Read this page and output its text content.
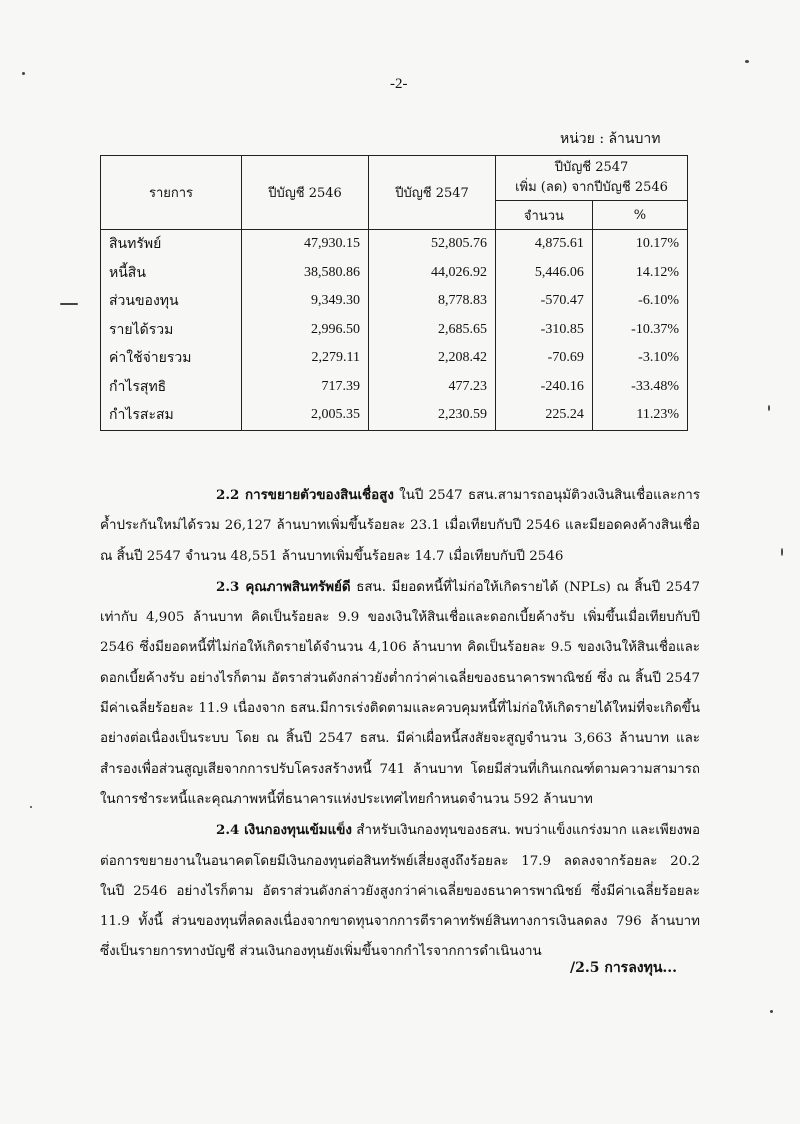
-2-
หน่วย : ล้านบาท
รายการ	ปีบัญชี 2546	ปีบัญชี 2547	ปีบัญชี 2547
เพิ่ม (ลด) จากปีบัญชี 2546	

			จำนวน	%
สินทรัพย์	47,930.15	52,805.76	4,875.61	10.17%
หนี้สิน	38,580.86	44,026.92	5,446.06	14.12%
ส่วนของทุน	9,349.30	8,778.83	-570.47	-6.10%
รายได้รวม	2,996.50	2,685.65	-310.85	-10.37%
ค่าใช้จ่ายรวม	2,279.11	2,208.42	-70.69	-3.10%
กำไรสุทธิ	717.39	477.23	-240.16	-33.48%
กำไรสะสม	2,005.35	2,230.59	225.24	11.23%

2.2 การขยายตัวของสินเชื่อสูง ในปี 2547 ธสน.สามารถอนุมัติวงเงินสินเชื่อและการค้ำประกันใหม่ได้รวม 26,127 ล้านบาทเพิ่มขึ้นร้อยละ 23.1 เมื่อเทียบกับปี 2546 และมียอดคงค้างสินเชื่อ ณ สิ้นปี 2547 จำนวน 48,551 ล้านบาทเพิ่มขึ้นร้อยละ 14.7 เมื่อเทียบกับปี 2546

2.3 คุณภาพสินทรัพย์ดี ธสน. มียอดหนี้ที่ไม่ก่อให้เกิดรายได้ (NPLs) ณ สิ้นปี 2547 เท่ากับ 4,905 ล้านบาท คิดเป็นร้อยละ 9.9 ของเงินให้สินเชื่อและดอกเบี้ยค้างรับ เพิ่มขึ้นเมื่อเทียบกับปี 2546 ซึ่งมียอดหนี้ที่ไม่ก่อให้เกิดรายได้จำนวน 4,106 ล้านบาท คิดเป็นร้อยละ 9.5 ของเงินให้สินเชื่อและดอกเบี้ยค้างรับ อย่างไรก็ตาม อัตราส่วนดังกล่าวยังต่ำกว่าค่าเฉลี่ยของธนาคารพาณิชย์ ซึ่ง ณ สิ้นปี 2547 มีค่าเฉลี่ยร้อยละ 11.9 เนื่องจาก ธสน.มีการเร่งติดตามและควบคุมหนี้ที่ไม่ก่อให้เกิดรายได้ใหม่ที่จะเกิดขึ้นอย่างต่อเนื่องเป็นระบบ โดย ณ สิ้นปี 2547 ธสน. มีค่าเผื่อหนี้สงสัยจะสูญจำนวน 3,663 ล้านบาท และสำรองเพื่อส่วนสูญเสียจากการปรับโครงสร้างหนี้ 741 ล้านบาท โดยมีส่วนที่เกินเกณฑ์ตามความสามารถในการชำระหนี้และคุณภาพหนี้ที่ธนาคารแห่งประเทศไทยกำหนดจำนวน 592 ล้านบาท

2.4 เงินกองทุนเข้มแข็ง สำหรับเงินกองทุนของธสน. พบว่าแข็งแกร่งมาก และเพียงพอต่อการขยายงานในอนาคตโดยมีเงินกองทุนต่อสินทรัพย์เสี่ยงสูงถึงร้อยละ 17.9 ลดลงจากร้อยละ 20.2 ในปี 2546 อย่างไรก็ตาม อัตราส่วนดังกล่าวยังสูงกว่าค่าเฉลี่ยของธนาคารพาณิชย์ ซึ่งมีค่าเฉลี่ยร้อยละ 11.9 ทั้งนี้ ส่วนของทุนที่ลดลงเนื่องจากขาดทุนจากการตีราคาทรัพย์สินทางการเงินลดลง 796 ล้านบาท ซึ่งเป็นรายการทางบัญชี ส่วนเงินกองทุนยังเพิ่มขึ้นจากกำไรจากการดำเนินงาน

/2.5 การลงทุน...
